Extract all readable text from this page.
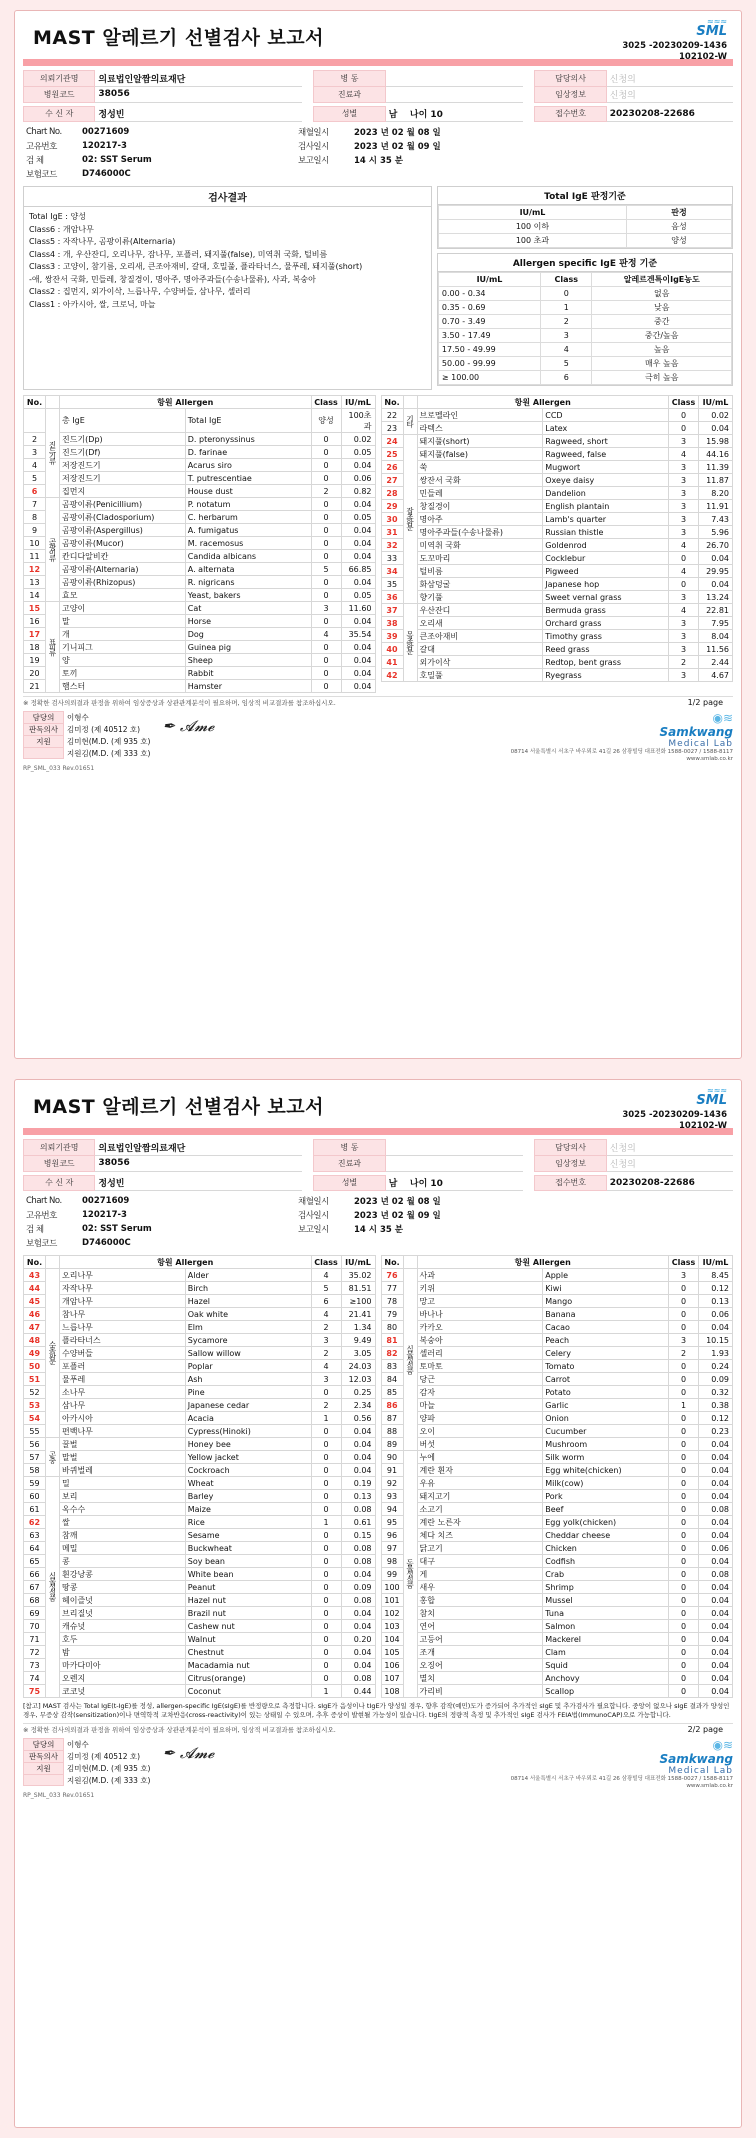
MAST 알레르기 선별검사 보고서
≈≈≈
SML
3025 -20230209-1436
102102-W
의뢰기관명	의료법인알짬의료재단		병 동			담당의사	신청의
병원코드	38056		진료과			임상정보	신청의

수 신 자	정성빈		성별	남 나이 10		접수번호	20230208-22686
Chart No.	00271609		채혈일시	2023 년 02 월 08 일
고유번호	120217-3		검사일시	2023 년 02 월 09 일
검 체	02: SST Serum		보고일시	14 시 35 분
보험코드	D746000C			
검사결과
Total IgE : 양성
Class6 : 개암나무
Class5 : 자작나무, 곰팡이류(Alternaria)
Class4 : 개, 우산잔디, 오리나무, 잠나무, 포플러, 돼지풀(false), 미역취 국화, 털비름
Class3 : 고양이, 참기름, 오리새, 큰조아재비, 갈대, 호밀풀, 플라타너스, 물푸레, 돼지풀(short)
-애, 쌍잔서 국화, 민들레, 창질경이, 명아주, 명아주과들(수송나물류), 사과, 복숭아
Class2 : 집먼지, 외가이삭, 느릅나무, 수양버들, 삼나무, 셀러리
Class1 : 아카시아, 쌀, 크로닉, 마늘
Total IgE 판정기준
IU/mL	판정
100 이하	음성
100 초과	양성
Allergen specific IgE 판정 기준
IU/mL	Class	알레르겐특이IgE농도
0.00 - 0.34	0	없음
0.35 - 0.69	1	낮음
0.70 - 3.49	2	중간
3.50 - 17.49	3	중간/높음
17.50 - 49.99	4	높음
50.00 - 99.99	5	매우 높음
≥ 100.00	6	극히 높음
No.		항원 Allergen		Class	IU/mL
	진드기류	총 IgE	Total IgE	양성	100초과
2		진드기(Dp)	D. pteronyssinus	0	0.02
3		진드기(Df)	D. farinae	0	0.05
4		저장진드기	Acarus siro	0	0.04
5		저장진드기	T. putrescentiae	0	0.06
6		집먼지	House dust	2	0.82
7	곰팡이류	곰팡이류(Penicillium)	P. notatum	0	0.04
8		곰팡이류(Cladosporium)	C. herbarum	0	0.05
9		곰팡이류(Aspergillus)	A. fumigatus	0	0.04
10		곰팡이류(Mucor)	M. racemosus	0	0.04
11		칸디다알비칸	Candida albicans	0	0.04
12		곰팡이류(Alternaria)	A. alternata	5	66.85
13		곰팡이류(Rhizopus)	R. nigricans	0	0.04
14		효모	Yeast, bakers	0	0.05
15	표피류	고양이	Cat	3	11.60
16		말	Horse	0	0.04
17		개	Dog	4	35.54
18		기니피그	Guinea pig	0	0.04
19		양	Sheep	0	0.04
20		토끼	Rabbit	0	0.04
21		햄스터	Hamster	0	0.04
No.		항원 Allergen		Class	IU/mL
22	기타	브로멜라인	CCD	0	0.02
23		라텍스	Latex	0	0.04
24	잡초화분	돼지풀(short)	Ragweed, short	3	15.98
25		돼지풀(false)	Ragweed, false	4	44.16
26		쑥	Mugwort	3	11.39
27		쌍잔서 국화	Oxeye daisy	3	11.87
28		민들레	Dandelion	3	8.20
29		창질경이	English plantain	3	11.91
30		명아주	Lamb's quarter	3	7.43
31		명아주과들(수송나물류)	Russian thistle	3	5.96
32		미역취 국화	Goldenrod	4	26.70
33		도꼬마리	Cocklebur	0	0.04
34		털비름	Pigweed	4	29.95
35		화삼덩굴	Japanese hop	0	0.04
36		향기풀	Sweet vernal grass	3	13.24
37	목초화분	우산잔디	Bermuda grass	4	22.81
38		오리새	Orchard grass	3	7.95
39		큰조아재비	Timothy grass	3	8.04
40		갈대	Reed grass	3	11.56
41		외가이삭	Redtop, bent grass	2	2.44
42		호밀풀	Ryegrass	3	4.67
※ 정확한 검사의뢰결과 판정을 위하여 임상증상과 상관관계분석이 필요하며, 임상적 비교결과를 참조하십시오.	1/2 page
담당의	이형수
판독의사	김미정 (제 40512 호)
지원	김미현(M.D. (제 935 호)
	지원김(M.D. (제 333 호)
✒ ﻿𝓐𝓶𝓮	◉≋
Samkwang
Medical Lab
08714 서울특별시 서초구 바우뫼로 41길 26 삼광빌딩 대표전화 1588-0027 / 1588-8117
www.smlab.co.kr
RP_SML_033 Rev.01651
MAST 알레르기 선별검사 보고서
≈≈≈
SML
3025 -20230209-1436
102102-W
의뢰기관명	의료법인알짬의료재단		병 동			담당의사	신청의
병원코드	38056		진료과			임상정보	신청의

수 신 자	정성빈		성별	남 나이 10		접수번호	20230208-22686
Chart No.	00271609		채혈일시	2023 년 02 월 08 일
고유번호	120217-3		검사일시	2023 년 02 월 09 일
검 체	02: SST Serum		보고일시	14 시 35 분
보험코드	D746000C			
No.		항원 Allergen		Class	IU/mL
43	수목화분	오리나무	Alder	4	35.02
44		자작나무	Birch	5	81.51
45		개암나무	Hazel	6	≥100
46		참나무	Oak white	4	21.41
47		느릅나무	Elm	2	1.34
48		플라타너스	Sycamore	3	9.49
49		수양버들	Sallow willow	2	3.05
50		포플러	Poplar	4	24.03
51		물푸레	Ash	3	12.03
52		소나무	Pine	0	0.25
53		삼나무	Japanese cedar	2	2.34
54		아카시아	Acacia	1	0.56
55		편백나무	Cypress(Hinoki)	0	0.04
56	곤충	꿀벌	Honey bee	0	0.04
57		말벌	Yellow jacket	0	0.04
58		바퀴벌레	Cockroach	0	0.04
59	식물성식품	밀	Wheat	0	0.19
60		보리	Barley	0	0.13
61		옥수수	Maize	0	0.08
62		쌀	Rice	1	0.61
63		참깨	Sesame	0	0.15
64		메밀	Buckwheat	0	0.08
65		콩	Soy bean	0	0.08
66		흰강낭콩	White bean	0	0.04
67		땅콩	Peanut	0	0.09
68		헤이즐넛	Hazel nut	0	0.08
69		브리질넛	Brazil nut	0	0.04
70		캐슈넛	Cashew nut	0	0.04
71		호두	Walnut	0	0.20
72		밤	Chestnut	0	0.04
73		마카다미아	Macadamia nut	0	0.04
74		오렌지	Citrus(orange)	0	0.08
75		코코넛	Coconut	1	0.44
No.		항원 Allergen		Class	IU/mL
76	식물성식품	사과	Apple	3	8.45
77		키위	Kiwi	0	0.12
78		망고	Mango	0	0.13
79		바나나	Banana	0	0.06
80		카카오	Cacao	0	0.04
81		복숭아	Peach	3	10.15
82		셀러리	Celery	2	1.93
83		토마토	Tomato	0	0.24
84		당근	Carrot	0	0.09
85		감자	Potato	0	0.32
86		마늘	Garlic	1	0.38
87		양파	Onion	0	0.12
88		오이	Cucumber	0	0.23
89		버섯	Mushroom	0	0.04
90	동물성식품	누에	Silk worm	0	0.04
91		계란 흰자	Egg white(chicken)	0	0.04
92		우유	Milk(cow)	0	0.04
93		돼지고기	Pork	0	0.04
94		소고기	Beef	0	0.08
95		계란 노른자	Egg yolk(chicken)	0	0.04
96		체다 치즈	Cheddar cheese	0	0.04
97		닭고기	Chicken	0	0.06
98		대구	Codfish	0	0.04
99		게	Crab	0	0.08
100		새우	Shrimp	0	0.04
101		홍합	Mussel	0	0.04
102		참치	Tuna	0	0.04
103		연어	Salmon	0	0.04
104		고등어	Mackerel	0	0.04
105		조개	Clam	0	0.04
106		오징어	Squid	0	0.04
107		멸치	Anchovy	0	0.04
108		가리비	Scallop	0	0.04
[참고] MAST 검사는 Total IgE(t-IgE)를 정성, allergen-specific IgE(sIgE)를 반정량으로 측정합니다. sIgE가 음성이나 tIgE가 양성일 경우, 향후 감작(예민)도가 증가되어 추가적인 sIgE 및 추가검사가 필요합니다. 중앙이 없으나 sIgE 결과가 양성인 경우, 무증상 감작(sensitization)이나 면역학적 교차반응(cross-reactivity)이 있는 상태일 수 있으며, 추후 증상이 발현될 가능성이 있습니다. tIgE의 정량적 측정 및 추가적인 sIgE 검사가 FEIA법(ImmunoCAP)으로 가능합니다.
※ 정확한 검사의뢰결과 판정을 위하여 임상증상과 상관관계분석이 필요하며, 임상적 비교결과를 참조하십시오.	2/2 page
담당의	이형수
판독의사	김미정 (제 40512 호)
지원	김미현(M.D. (제 935 호)
	지원김(M.D. (제 333 호)
✒ ﻿𝓐𝓶𝓮	◉≋
Samkwang
Medical Lab
08714 서울특별시 서초구 바우뫼로 41길 26 삼광빌딩 대표전화 1588-0027 / 1588-8117
www.smlab.co.kr
RP_SML_033 Rev.01651
